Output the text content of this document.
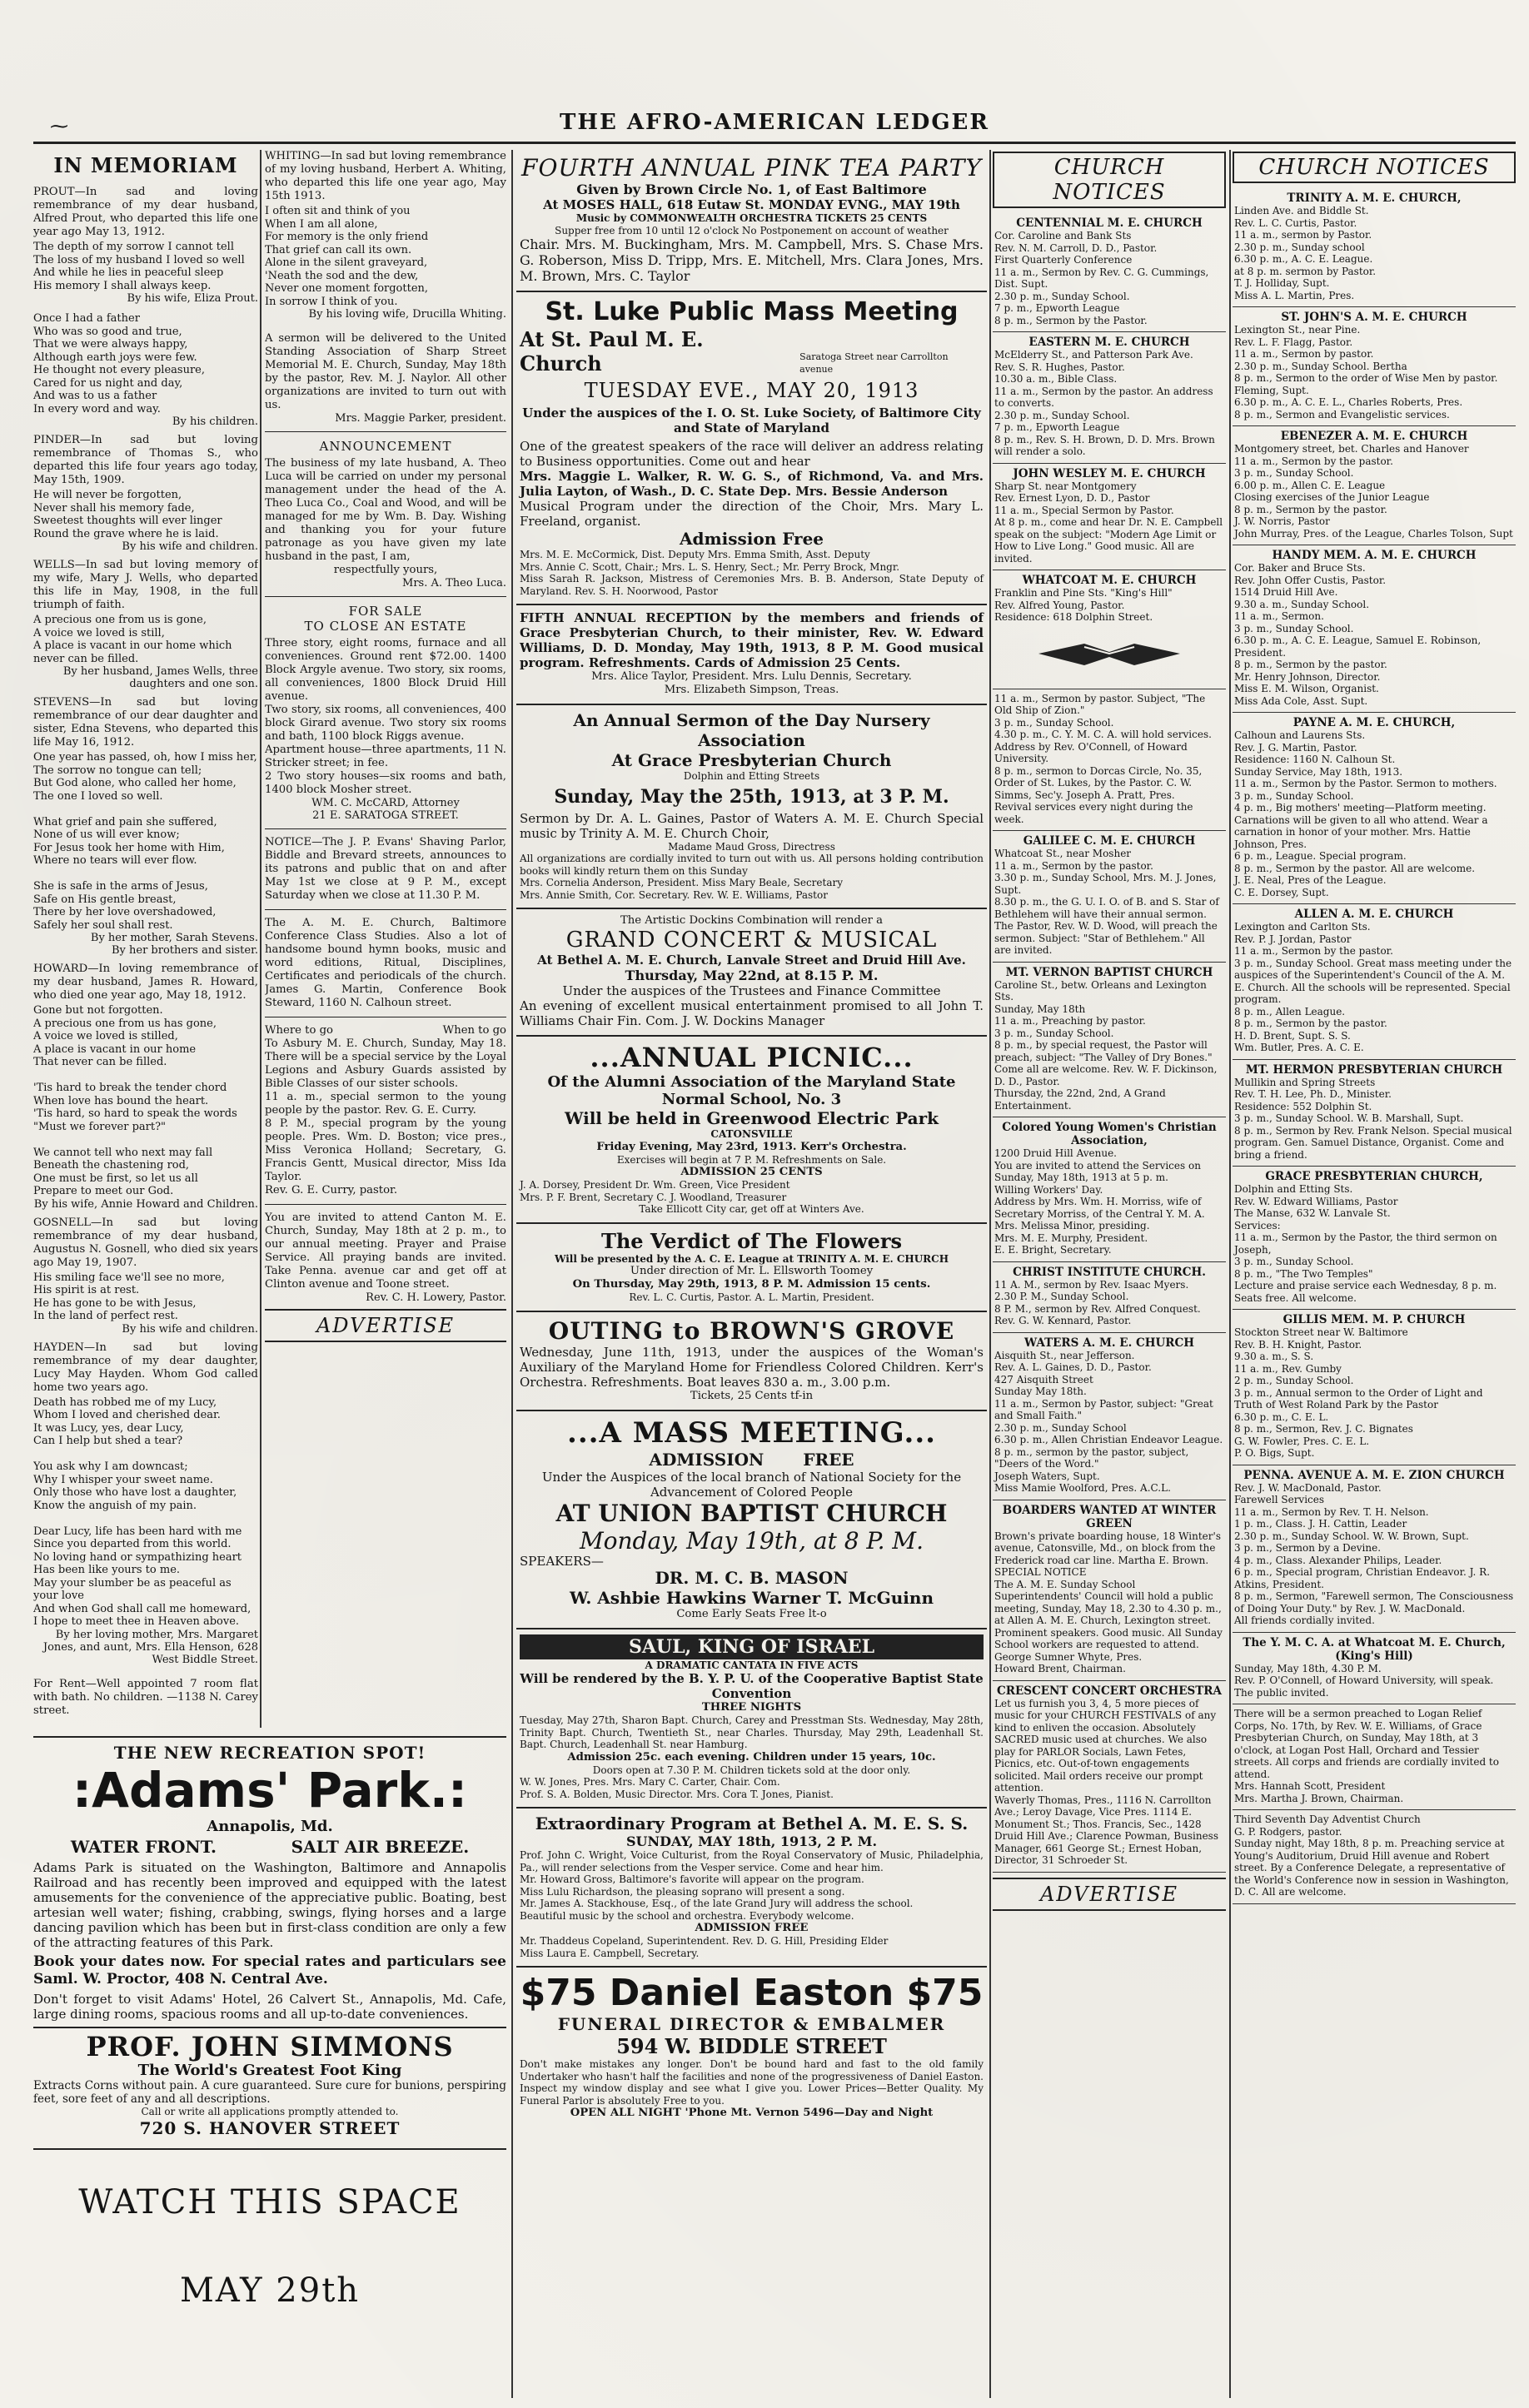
⁓	THE AFRO-AMERICAN LEDGER
IN MEMORIAM

PROUT—In sad and loving remembrance of my dear husband, Alfred Prout, who departed this life one year ago May 13, 1912.

The depth of my sorrow I cannot tell
The loss of my husband I loved so well
And while he lies in peaceful sleep
His memory I shall always keep.
By his wife, Eliza Prout.
Once I had a father
Who was so good and true,
That we were always happy,
Although earth joys were few.
He thought not every pleasure,
Cared for us night and day,
And was to us a father
In every word and way.
By his children.

PINDER—In sad but loving remembrance of Thomas S., who departed this life four years ago today, May 15th, 1909.

He will never be forgotten,
Never shall his memory fade,
Sweetest thoughts will ever linger
Round the grave where he is laid.
By his wife and children.

WELLS—In sad but loving memory of my wife, Mary J. Wells, who departed this life in May, 1908, in the full triumph of faith.

A precious one from us is gone,
A voice we loved is still,
A place is vacant in our home which never can be filled.
By her husband, James Wells, three daughters and one son.

STEVENS—In sad but loving remembrance of our dear daughter and sister, Edna Stevens, who departed this life May 16, 1912.

One year has passed, oh, how I miss her,
The sorrow no tongue can tell;
But God alone, who called her home,
The one I loved so well.

What grief and pain she suffered,
None of us will ever know;
For Jesus took her home with Him,
Where no tears will ever flow.

She is safe in the arms of Jesus,
Safe on His gentle breast,
There by her love overshadowed,
Safely her soul shall rest.
By her mother, Sarah Stevens.
By her brothers and sister.

HOWARD—In loving remembrance of my dear husband, James R. Howard, who died one year ago, May 18, 1912.

Gone but not forgotten.
A precious one from us has gone,
A voice we loved is stilled,
A place is vacant in our home
That never can be filled.

'Tis hard to break the tender chord
When love has bound the heart.
'Tis hard, so hard to speak the words
"Must we forever part?"

We cannot tell who next may fall
Beneath the chastening rod,
One must be first, so let us all
Prepare to meet our God.
By his wife, Annie Howard and Children.

GOSNELL—In sad but loving remembrance of my dear husband, Augustus N. Gosnell, who died six years ago May 19, 1907.

His smiling face we'll see no more,
His spirit is at rest.
He has gone to be with Jesus,
In the land of perfect rest.
By his wife and children.

HAYDEN—In sad but loving remembrance of my dear daughter, Lucy May Hayden. Whom God called home two years ago.

Death has robbed me of my Lucy,
Whom I loved and cherished dear.
It was Lucy, yes, dear Lucy,
Can I help but shed a tear?

You ask why I am downcast;
Why I whisper your sweet name.
Only those who have lost a daughter,
Know the anguish of my pain.

Dear Lucy, life has been hard with me
Since you departed from this world.
No loving hand or sympathizing heart
Has been like yours to me.
May your slumber be as peaceful as your love
And when God shall call me homeward,
I hope to meet thee in Heaven above.
By her loving mother, Mrs. Margaret Jones, and aunt, Mrs. Ella Henson, 628 West Biddle Street.

For Rent—Well appointed 7 room flat with bath. No children. —1138 N. Carey street.

WHITING—In sad but loving remembrance of my loving husband, Herbert A. Whiting, who departed this life one year ago, May 15th 1913.

I often sit and think of you
When I am all alone,
For memory is the only friend
That grief can call its own.
Alone in the silent graveyard,
'Neath the sod and the dew,
Never one moment forgotten,
In sorrow I think of you.
By his loving wife, Drucilla Whiting.

A sermon will be delivered to the United Standing Association of Sharp Street Memorial M. E. Church, Sunday, May 18th by the pastor, Rev. M. J. Naylor. All other organizations are invited to turn out with us.

Mrs. Maggie Parker, president.
ANNOUNCEMENT

The business of my late husband, A. Theo Luca will be carried on under my personal management under the head of the A. Theo Luca Co., Coal and Wood, and will be managed for me by Wm. B. Day. Wishing and thanking you for your future patronage as you have given my late husband in the past, I am,

respectfully yours,
Mrs. A. Theo Luca.
FOR SALE
TO CLOSE AN ESTATE

Three story, eight rooms, furnace and all conveniences. Ground rent $72.00. 1400 Block Argyle avenue. Two story, six rooms, all conveniences, 1800 Block Druid Hill avenue.
Two story, six rooms, all conveniences, 400 block Girard avenue. Two story six rooms and bath, 1100 block Riggs avenue.
Apartment house—three apartments, 11 N. Stricker street; in fee.
2 Two story houses—six rooms and bath, 1400 block Mosher street.

WM. C. McCARD, Attorney
21 E. SARATOGA STREET.

NOTICE—The J. P. Evans' Shaving Parlor, Biddle and Brevard streets, announces to its patrons and public that on and after May 1st we close at 9 P. M., except Saturday when we close at 11.30 P. M.

The A. M. E. Church, Baltimore Conference Class Studies. Also a lot of handsome bound hymn books, music and word editions, Ritual, Disciplines, Certificates and periodicals of the church. James G. Martin, Conference Book Steward, 1160 N. Calhoun street.

Where to go	When to go

To Asbury M. E. Church, Sunday, May 18. There will be a special service by the Loyal Legions and Asbury Guards assisted by Bible Classes of our sister schools.
11 a. m., special sermon to the young people by the pastor. Rev. G. E. Curry.
8 P. M., special program by the young people. Pres. Wm. D. Boston; vice pres., Miss Veronica Holland; Secretary, G. Francis Gentt, Musical director, Miss Ida Taylor.

Rev. G. E. Curry, pastor.

You are invited to attend Canton M. E. Church, Sunday, May 18th at 2 p. m., to our annual meeting. Prayer and Praise Service. All praying bands are invited. Take Penna. avenue car and get off at Clinton avenue and Toone street.

Rev. C. H. Lowery, Pastor.
ADVERTISE
THE NEW RECREATION SPOT!
:Adams' Park.:
Annapolis, Md.
WATER FRONT.	SALT AIR BREEZE.

Adams Park is situated on the Washington, Baltimore and Annapolis Railroad and has recently been improved and equipped with the latest amusements for the convenience of the appreciative public. Boating, best artesian well water; fishing, crabbing, swings, flying horses and a large dancing pavilion which has been but in first-class condition are only a few of the attracting features of this Park.

Book your dates now. For special rates and particulars see Saml. W. Proctor, 408 N. Central Ave.

Don't forget to visit Adams' Hotel, 26 Calvert St., Annapolis, Md. Cafe, large dining rooms, spacious rooms and all up-to-date conveniences.

PROF. JOHN SIMMONS
The World's Greatest Foot King

Extracts Corns without pain. A cure guaranteed. Sure cure for bunions, perspiring feet, sore feet of any and all descriptions.

Call or write all applications promptly attended to.
720 S. HANOVER STREET
WATCH THIS SPACE
MAY 29th
FOURTH ANNUAL PINK TEA PARTY
Given by Brown Circle No. 1, of East Baltimore
At MOSES HALL, 618 Eutaw St. MONDAY EVNG., MAY 19th
Music by COMMONWEALTH ORCHESTRA TICKETS 25 CENTS
Supper free from 10 until 12 o'clock No Postponement on account of weather

Chair. Mrs. M. Buckingham, Mrs. M. Campbell, Mrs. S. Chase Mrs. G. Roberson, Miss D. Tripp, Mrs. E. Mitchell, Mrs. Clara Jones, Mrs. M. Brown, Mrs. C. Taylor

St. Luke Public Mass Meeting
At St. Paul M. E. Church	Saratoga Street near Carrollton avenue
TUESDAY EVE., MAY 20, 1913
Under the auspices of the I. O. St. Luke Society, of Baltimore City and State of Maryland

One of the greatest speakers of the race will deliver an address relating to Business opportunities. Come out and hear

Mrs. Maggie L. Walker, R. W. G. S., of Richmond, Va. and Mrs. Julia Layton, of Wash., D. C. State Dep. Mrs. Bessie Anderson

Musical Program under the direction of the Choir, Mrs. Mary L. Freeland, organist.

Admission Free

Mrs. M. E. McCormick, Dist. Deputy Mrs. Emma Smith, Asst. Deputy
Mrs. Annie C. Scott, Chair.; Mrs. L. S. Henry, Sect.; Mr. Perry Brock, Mngr.
Miss Sarah R. Jackson, Mistress of Ceremonies Mrs. B. B. Anderson, State Deputy of Maryland. Rev. S. H. Noorwood, Pastor

FIFTH ANNUAL RECEPTION by the members and friends of Grace Presbyterian Church, to their minister, Rev. W. Edward Williams, D. D. Monday, May 19th, 1913, 8 P. M. Good musical program. Refreshments. Cards of Admission 25 Cents.

Mrs. Alice Taylor, President. Mrs. Lulu Dennis, Secretary.
Mrs. Elizabeth Simpson, Treas.
An Annual Sermon of the Day Nursery Association
At Grace Presbyterian Church
Dolphin and Etting Streets
Sunday, May the 25th, 1913, at 3 P. M.

Sermon by Dr. A. L. Gaines, Pastor of Waters A. M. E. Church Special music by Trinity A. M. E. Church Choir,

Madame Maud Gross, Directress

All organizations are cordially invited to turn out with us. All persons holding contribution books will kindly return them on this Sunday

Mrs. Cornelia Anderson, President. Miss Mary Beale, Secretary
Mrs. Annie Smith, Cor. Secretary. Rev. W. E. Williams, Pastor

The Artistic Dockins Combination will render a
GRAND CONCERT & MUSICAL
At Bethel A. M. E. Church, Lanvale Street and Druid Hill Ave.
Thursday, May 22nd, at 8.15 P. M.
Under the auspices of the Trustees and Finance Committee

An evening of excellent musical entertainment promised to all John T. Williams Chair Fin. Com. J. W. Dockins Manager

...ANNUAL PICNIC...
Of the Alumni Association of the Maryland State Normal School, No. 3
Will be held in Greenwood Electric Park
CATONSVILLE
Friday Evening, May 23rd, 1913. Kerr's Orchestra.
Exercises will begin at 7 P. M. Refreshments on Sale.
ADMISSION 25 CENTS

J. A. Dorsey, President Dr. Wm. Green, Vice President
Mrs. P. F. Brent, Secretary C. J. Woodland, Treasurer

Take Ellicott City car, get off at Winters Ave.
The Verdict of The Flowers
Will be presented by the A. C. E. League at TRINITY A. M. E. CHURCH
Under direction of Mr. L. Ellsworth Toomey
On Thursday, May 29th, 1913, 8 P. M. Admission 15 cents.
Rev. L. C. Curtis, Pastor. A. L. Martin, President.
OUTING to BROWN'S GROVE

Wednesday, June 11th, 1913, under the auspices of the Woman's Auxiliary of the Maryland Home for Friendless Colored Children. Kerr's Orchestra. Refreshments. Boat leaves 830 a. m., 3.00 p.m.

Tickets, 25 Cents tf-in
...A MASS MEETING...
ADMISSION FREE
Under the Auspices of the local branch of National Society for the Advancement of Colored People
AT UNION BAPTIST CHURCH
Monday, May 19th, at 8 P. M.
SPEAKERS—
DR. M. C. B. MASON
W. Ashbie Hawkins Warner T. McGuinn
Come Early Seats Free lt-o
SAUL, KING OF ISRAEL
A DRAMATIC CANTATA IN FIVE ACTS
Will be rendered by the B. Y. P. U. of the Cooperative Baptist State Convention
THREE NIGHTS

Tuesday, May 27th, Sharon Bapt. Church, Carey and Presstman Sts. Wednesday, May 28th, Trinity Bapt. Church, Twentieth St., near Charles. Thursday, May 29th, Leadenhall St. Bapt. Church, Leadenhall St. near Hamburg.

Admission 25c. each evening. Children under 15 years, 10c.
Doors open at 7.30 P. M. Children tickets sold at the door only.

W. W. Jones, Pres. Mrs. Mary C. Carter, Chair. Com.
Prof. S. A. Bolden, Music Director. Mrs. Cora T. Jones, Pianist.

Extraordinary Program at Bethel A. M. E. S. S.
SUNDAY, MAY 18th, 1913, 2 P. M.

Prof. John C. Wright, Voice Culturist, from the Royal Conservatory of Music, Philadelphia, Pa., will render selections from the Vesper service. Come and hear him.
Mr. Howard Gross, Baltimore's favorite will appear on the program.
Miss Lulu Richardson, the pleasing soprano will present a song.
Mr. James A. Stackhouse, Esq., of the late Grand Jury will address the school.
Beautiful music by the school and orchestra. Everybody welcome.

ADMISSION FREE

Mr. Thaddeus Copeland, Superintendent. Rev. D. G. Hill, Presiding Elder
Miss Laura E. Campbell, Secretary.

$75 Daniel Easton $75
FUNERAL DIRECTOR & EMBALMER
594 W. BIDDLE STREET

Don't make mistakes any longer. Don't be bound hard and fast to the old family Undertaker who hasn't half the facilities and none of the progressiveness of Daniel Easton. Inspect my window display and see what I give you. Lower Prices—Better Quality. My Funeral Parlor is absolutely Free to you.

OPEN ALL NIGHT 'Phone Mt. Vernon 5496—Day and Night
CHURCH NOTICES
CENTENNIAL M. E. CHURCH

Cor. Caroline and Bank Sts
Rev. N. M. Carroll, D. D., Pastor.
First Quarterly Conference
11 a. m., Sermon by Rev. C. G. Cummings, Dist. Supt.
2.30 p. m., Sunday School.
7 p. m., Epworth League
8 p. m., Sermon by the Pastor.

EASTERN M. E. CHURCH

McElderry St., and Patterson Park Ave.
Rev. S. R. Hughes, Pastor.
10.30 a. m., Bible Class.
11 a. m., Sermon by the pastor. An address to converts.
2.30 p. m., Sunday School.
7 p. m., Epworth League
8 p. m., Rev. S. H. Brown, D. D. Mrs. Brown will render a solo.

JOHN WESLEY M. E. CHURCH

Sharp St. near Montgomery
Rev. Ernest Lyon, D. D., Pastor
11 a. m., Special Sermon by Pastor.
At 8 p. m., come and hear Dr. N. E. Campbell speak on the subject: "Modern Age Limit or How to Live Long." Good music. All are invited.

WHATCOAT M. E. CHURCH

Franklin and Pine Sts. "King's Hill"
Rev. Alfred Young, Pastor.
Residence: 618 Dolphin Street.

11 a. m., Sermon by pastor. Subject, "The Old Ship of Zion."
3 p. m., Sunday School.
4.30 p. m., C. Y. M. C. A. will hold services. Address by Rev. O'Connell, of Howard University.
8 p. m., sermon to Dorcas Circle, No. 35, Order of St. Lukes, by the Pastor. C. W. Simms, Sec'y. Joseph A. Pratt, Pres.
Revival services every night during the week.

GALILEE C. M. E. CHURCH

Whatcoat St., near Mosher
11 a. m., Sermon by the pastor.
3.30 p. m., Sunday School, Mrs. M. J. Jones, Supt.
8.30 p. m., the G. U. I. O. of B. and S. Star of Bethlehem will have their annual sermon. The Pastor, Rev. W. D. Wood, will preach the sermon. Subject: "Star of Bethlehem." All are invited.

MT. VERNON BAPTIST CHURCH

Caroline St., betw. Orleans and Lexington Sts.
Sunday, May 18th
11 a. m., Preaching by pastor.
3 p. m., Sunday School.
8 p. m., by special request, the Pastor will preach, subject: "The Valley of Dry Bones." Come all are welcome. Rev. W. F. Dickinson, D. D., Pastor.
Thursday, the 22nd, 2nd, A Grand Entertainment.

Colored Young Women's Christian Association,

1200 Druid Hill Avenue.
You are invited to attend the Services on Sunday, May 18th, 1913 at 5 p. m.
Willing Workers' Day.
Address by Mrs. Wm. H. Morriss, wife of Secretary Morriss, of the Central Y. M. A.
Mrs. Melissa Minor, presiding.
Mrs. M. E. Murphy, President.
E. E. Bright, Secretary.

CHRIST INSTITUTE CHURCH.

11 A. M., sermon by Rev. Isaac Myers.
2.30 P. M., Sunday School.
8 P. M., sermon by Rev. Alfred Conquest.
Rev. G. W. Kennard, Pastor.

WATERS A. M. E. CHURCH

Aisquith St., near Jefferson.
Rev. A. L. Gaines, D. D., Pastor.
427 Aisquith Street
Sunday May 18th.
11 a. m., Sermon by Pastor, subject: "Great and Small Faith."
2.30 p. m., Sunday School
6.30 p. m., Allen Christian Endeavor League.
8 p. m., sermon by the pastor, subject, "Deers of the Word."
Joseph Waters, Supt.
Miss Mamie Woolford, Pres. A.C.L.

BOARDERS WANTED AT WINTER GREEN

Brown's private boarding house, 18 Winter's avenue, Catonsville, Md., on block from the Frederick road car line. Martha E. Brown.
SPECIAL NOTICE
The A. M. E. Sunday School Superintendents' Council will hold a public meeting, Sunday, May 18, 2.30 to 4.30 p. m., at Allen A. M. E. Church, Lexington street. Prominent speakers. Good music. All Sunday School workers are requested to attend.
George Sumner Whyte, Pres.
Howard Brent, Chairman.

CRESCENT CONCERT ORCHESTRA

Let us furnish you 3, 4, 5 more pieces of music for your CHURCH FESTIVALS of any kind to enliven the occasion. Absolutely SACRED music used at churches. We also play for PARLOR Socials, Lawn Fetes, Picnics, etc. Out-of-town engagements solicited. Mail orders receive our prompt attention.
Waverly Thomas, Pres., 1116 N. Carrollton Ave.; Leroy Davage, Vice Pres. 1114 E. Monument St.; Thos. Francis, Sec., 1428 Druid Hill Ave.; Clarence Powman, Business Manager, 661 George St.; Ernest Hoban, Director, 31 Schroeder St.

ADVERTISE
CHURCH NOTICES
TRINITY A. M. E. CHURCH,

Linden Ave. and Biddle St.
Rev. L. C. Curtis, Pastor.
11 a. m., sermon by Pastor.
2.30 p. m., Sunday school
6.30 p. m., A. C. E. League.
at 8 p. m. sermon by Pastor.
T. J. Holliday, Supt.
Miss A. L. Martin, Pres.

ST. JOHN'S A. M. E. CHURCH

Lexington St., near Pine.
Rev. L. F. Flagg, Pastor.
11 a. m., Sermon by pastor.
2.30 p. m., Sunday School. Bertha
8 p. m., Sermon to the order of Wise Men by pastor.
Fleming, Supt.
6.30 p. m., A. C. E. L., Charles Roberts, Pres.
8 p. m., Sermon and Evangelistic services.

EBENEZER A. M. E. CHURCH

Montgomery street, bet. Charles and Hanover
11 a. m., Sermon by the pastor.
3 p. m., Sunday School.
6.00 p. m., Allen C. E. League
Closing exercises of the Junior League
8 p. m., Sermon by the pastor.
J. W. Norris, Pastor
John Murray, Pres. of the League, Charles Tolson, Supt

HANDY MEM. A. M. E. CHURCH

Cor. Baker and Bruce Sts.
Rev. John Offer Custis, Pastor.
1514 Druid Hill Ave.
9.30 a. m., Sunday School.
11 a. m., Sermon.
3 p. m., Sunday School.
6.30 p. m., A. C. E. League, Samuel E. Robinson, President.
8 p. m., Sermon by the pastor.
Mr. Henry Johnson, Director.
Miss E. M. Wilson, Organist.
Miss Ada Cole, Asst. Supt.

PAYNE A. M. E. CHURCH,

Calhoun and Laurens Sts.
Rev. J. G. Martin, Pastor.
Residence: 1160 N. Calhoun St.
Sunday Service, May 18th, 1913.
11 a. m., Sermon by the Pastor. Sermon to mothers.
3 p. m., Sunday School.
4 p. m., Big mothers' meeting—Platform meeting. Carnations will be given to all who attend. Wear a carnation in honor of your mother. Mrs. Hattie Johnson, Pres.
6 p. m., League. Special program.
8 p. m., Sermon by the pastor. All are welcome.
J. E. Neal, Pres of the League.
C. E. Dorsey, Supt.

ALLEN A. M. E. CHURCH

Lexington and Carlton Sts.
Rev. P. J. Jordan, Pastor
11 a. m., Sermon by the pastor.
3 p. m., Sunday School. Great mass meeting under the auspices of the Superintendent's Council of the A. M. E. Church. All the schools will be represented. Special program.
8 p. m., Allen League.
8 p. m., Sermon by the pastor.
H. D. Brent, Supt. S. S.
Wm. Butler, Pres. A. C. E.

MT. HERMON PRESBYTERIAN CHURCH

Mullikin and Spring Streets
Rev. T. H. Lee, Ph. D., Minister.
Residence: 552 Dolphin St.
3 p. m., Sunday School. W. B. Marshall, Supt.
8 p. m., Sermon by Rev. Frank Nelson. Special musical program. Gen. Samuel Distance, Organist. Come and bring a friend.

GRACE PRESBYTERIAN CHURCH,

Dolphin and Etting Sts.
Rev. W. Edward Williams, Pastor
The Manse, 632 W. Lanvale St.
Services:
11 a. m., Sermon by the Pastor, the third sermon on Joseph,
3 p. m., Sunday School.
8 p. m., "The Two Temples"
Lecture and praise service each Wednesday, 8 p. m.
Seats free. All welcome.

GILLIS MEM. M. P. CHURCH

Stockton Street near W. Baltimore
Rev. B. H. Knight, Pastor.
9.30 a. m., S. S.
11 a. m., Rev. Gumby
2 p. m., Sunday School.
3 p. m., Annual sermon to the Order of Light and Truth of West Roland Park by the Pastor
6.30 p. m., C. E. L.
8 p. m., Sermon, Rev. J. C. Bignates
G. W. Fowler, Pres. C. E. L.
P. O. Bigs, Supt.

PENNA. AVENUE A. M. E. ZION CHURCH

Rev. J. W. MacDonald, Pastor.
Farewell Services
11 a. m., Sermon by Rev. T. H. Nelson.
1 p. m., Class. J. H. Cattin, Leader
2.30 p. m., Sunday School. W. W. Brown, Supt.
3 p. m., Sermon by a Devine.
4 p. m., Class. Alexander Philips, Leader.
6 p. m., Special program, Christian Endeavor. J. R. Atkins, President.
8 p. m., Sermon, "Farewell sermon, The Consciousness of Doing Your Duty." by Rev. J. W. MacDonald.
All friends cordially invited.

The Y. M. C. A. at Whatcoat M. E. Church, (King's Hill)

Sunday, May 18th, 4.30 P. M.
Rev. P. O'Connell, of Howard University, will speak.
The public invited.

There will be a sermon preached to Logan Relief Corps, No. 17th, by Rev. W. E. Williams, of Grace Presbyterian Church, on Sunday, May 18th, at 3 o'clock, at Logan Post Hall, Orchard and Tessier streets. All corps and friends are cordially invited to attend.
Mrs. Hannah Scott, President
Mrs. Martha J. Brown, Chairman.

Third Seventh Day Adventist Church
G. P. Rodgers, pastor.
Sunday night, May 18th, 8 p. m. Preaching service at Young's Auditorium, Druid Hill avenue and Robert street. By a Conference Delegate, a representative of the World's Conference now in session in Washington, D. C. All are welcome.
